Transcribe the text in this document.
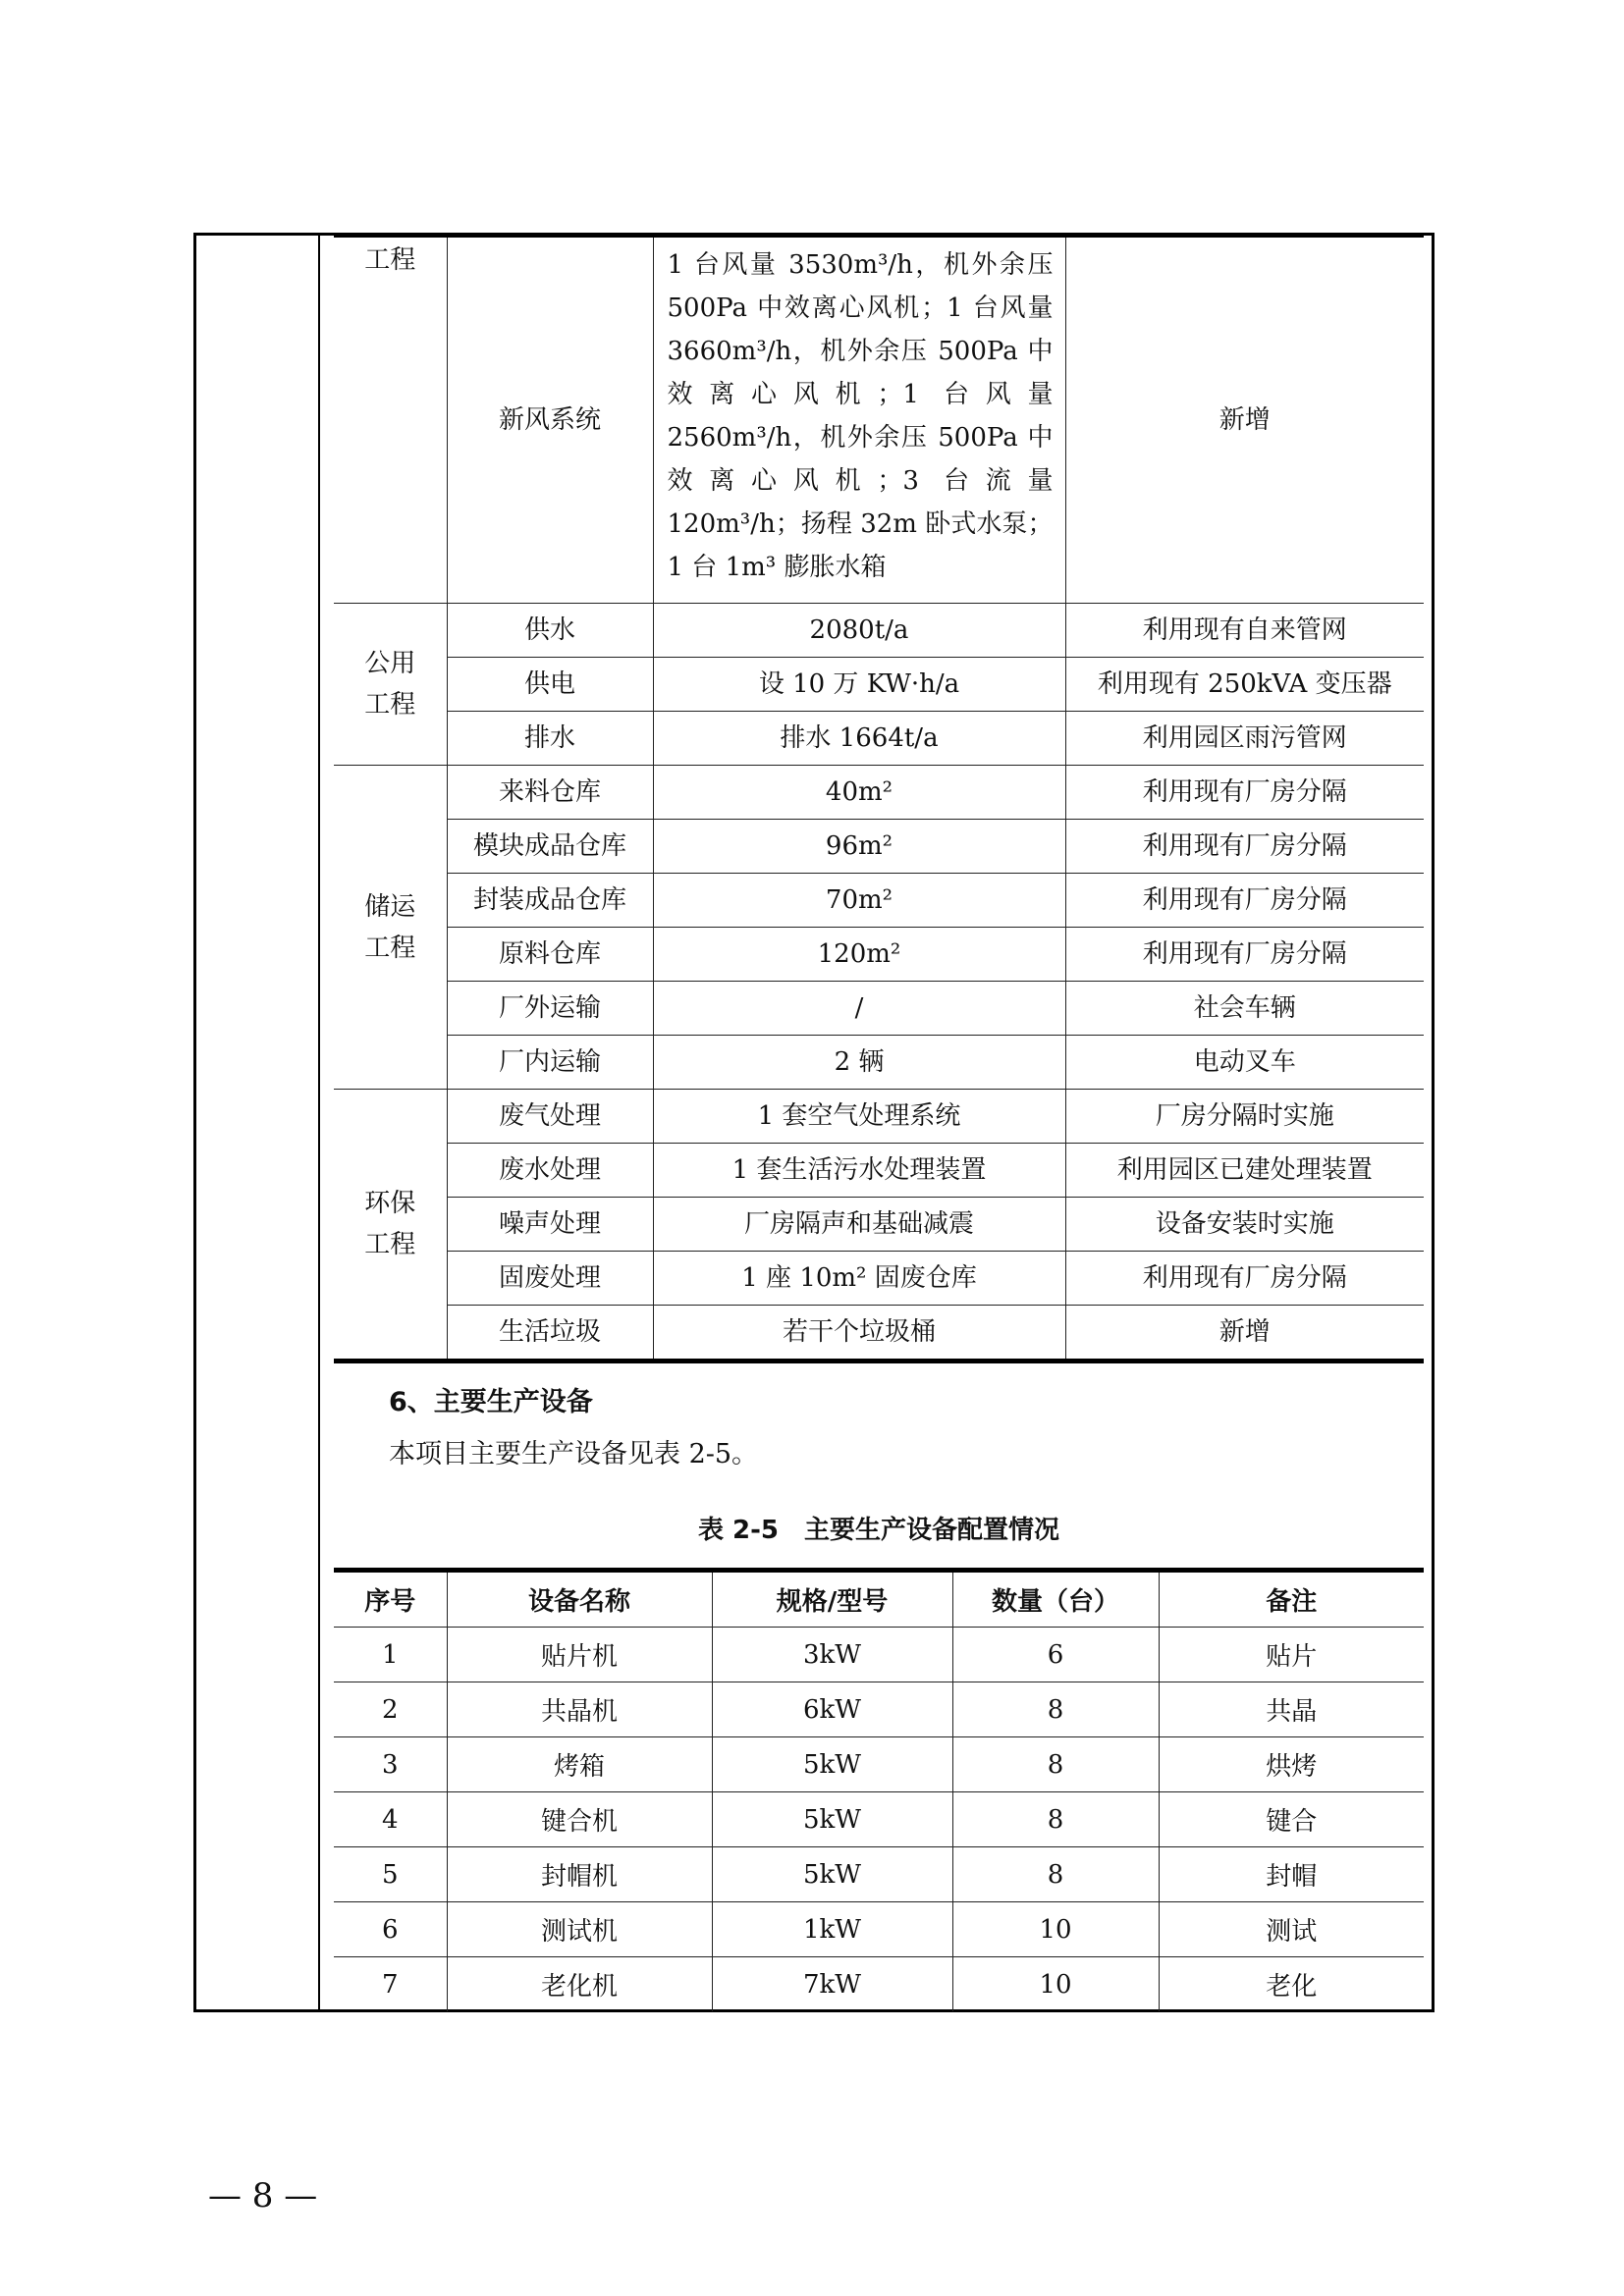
工程	新风系统	1 台风量 3530m³/h，机外余压 500Pa 中效离心风机；1 台风量 3660m³/h，机外余压 500Pa 中效离心风机；1 台风量 2560m³/h，机外余压 500Pa 中效离心风机；3 台流量 120m³/h；扬程 32m 卧式水泵；1 台 1m³ 膨胀水箱	新增
公用
工程	供水	2080t/a	利用现有自来管网
	供电	设 10 万 KW·h/a	利用现有 250kVA 变压器
	排水	排水 1664t/a	利用园区雨污管网
储运
工程	来料仓库	40m²	利用现有厂房分隔
	模块成品仓库	96m²	利用现有厂房分隔
	封装成品仓库	70m²	利用现有厂房分隔
	原料仓库	120m²	利用现有厂房分隔
	厂外运输	/	社会车辆
	厂内运输	2 辆	电动叉车
环保
工程	废气处理	1 套空气处理系统	厂房分隔时实施
	废水处理	1 套生活污水处理装置	利用园区已建处理装置
	噪声处理	厂房隔声和基础减震	设备安装时实施
	固废处理	1 座 10m² 固废仓库	利用现有厂房分隔
	生活垃圾	若干个垃圾桶	新增
6、主要生产设备
本项目主要生产设备见表 2-5。
表 2-5　主要生产设备配置情况
序号	设备名称	规格/型号	数量（台）	备注
1	贴片机	3kW	6	贴片
2	共晶机	6kW	8	共晶
3	烤箱	5kW	8	烘烤
4	键合机	5kW	8	键合
5	封帽机	5kW	8	封帽
6	测试机	1kW	10	测试
7	老化机	7kW	10	老化
— 8 —
